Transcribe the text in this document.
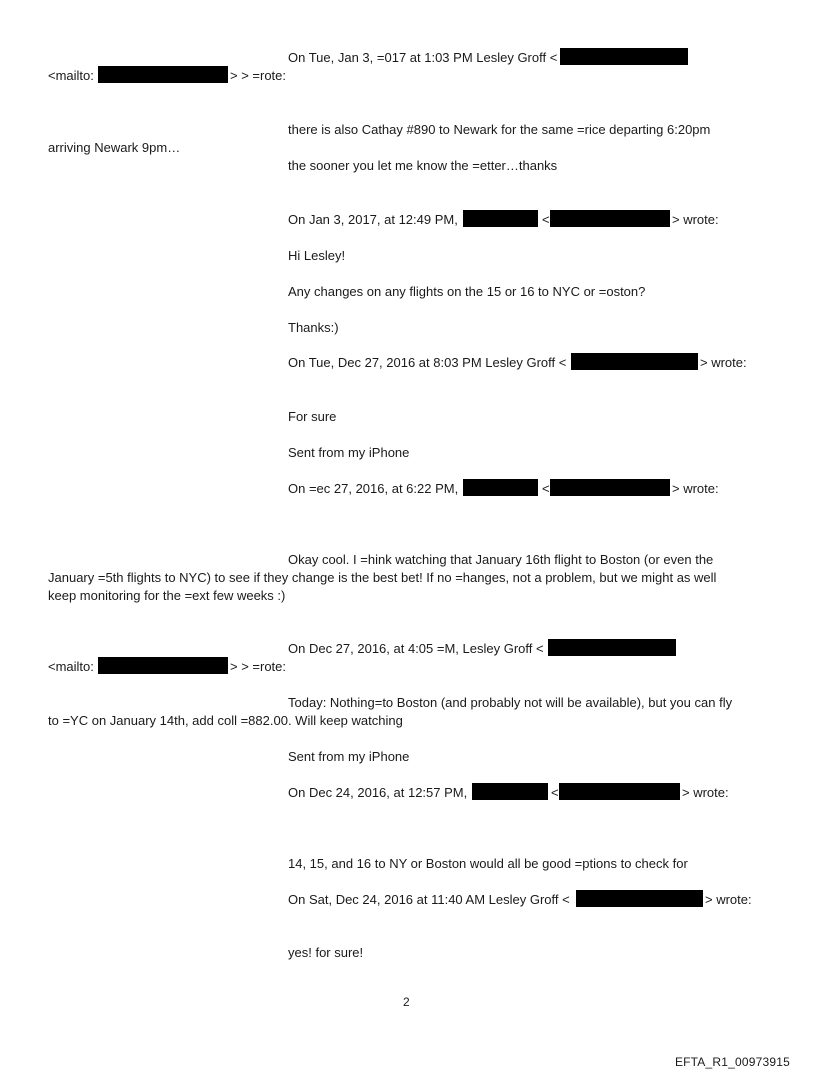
On Tue, Jan 3, =017 at 1:03 PM Lesley Groff <
<mailto:	> > =rote:
there is also Cathay #890 to Newark for the same =rice departing 6:20pm
arriving Newark 9pm…
the sooner you let me know the =etter…thanks
On Jan 3, 2017, at 12:49 PM,	<	> wrote:
Hi Lesley!
Any changes on any flights on the 15 or 16 to NYC or =oston?
Thanks:)
On Tue, Dec 27, 2016 at 8:03 PM Lesley Groff <	> wrote:
For sure
Sent from my iPhone
On =ec 27, 2016, at 6:22 PM,	<	> wrote:
Okay cool. I =hink watching that January 16th flight to Boston (or even the
January =5th flights to NYC) to see if they change is the best bet! If no =hanges, not a problem, but we might as well
keep monitoring for the =ext few weeks :)
On Dec 27, 2016, at 4:05 =M, Lesley Groff <
<mailto:	> > =rote:
Today: Nothing=to Boston (and probably not will be available), but you can fly
to =YC on January 14th, add coll =882.00. Will keep watching
Sent from my iPhone
On Dec 24, 2016, at 12:57 PM,	<	> wrote:
14, 15, and 16 to NY or Boston would all be good =ptions to check for
On Sat, Dec 24, 2016 at 11:40 AM Lesley Groff <	> wrote:
yes! for sure!
2
EFTA_R1_00973915
